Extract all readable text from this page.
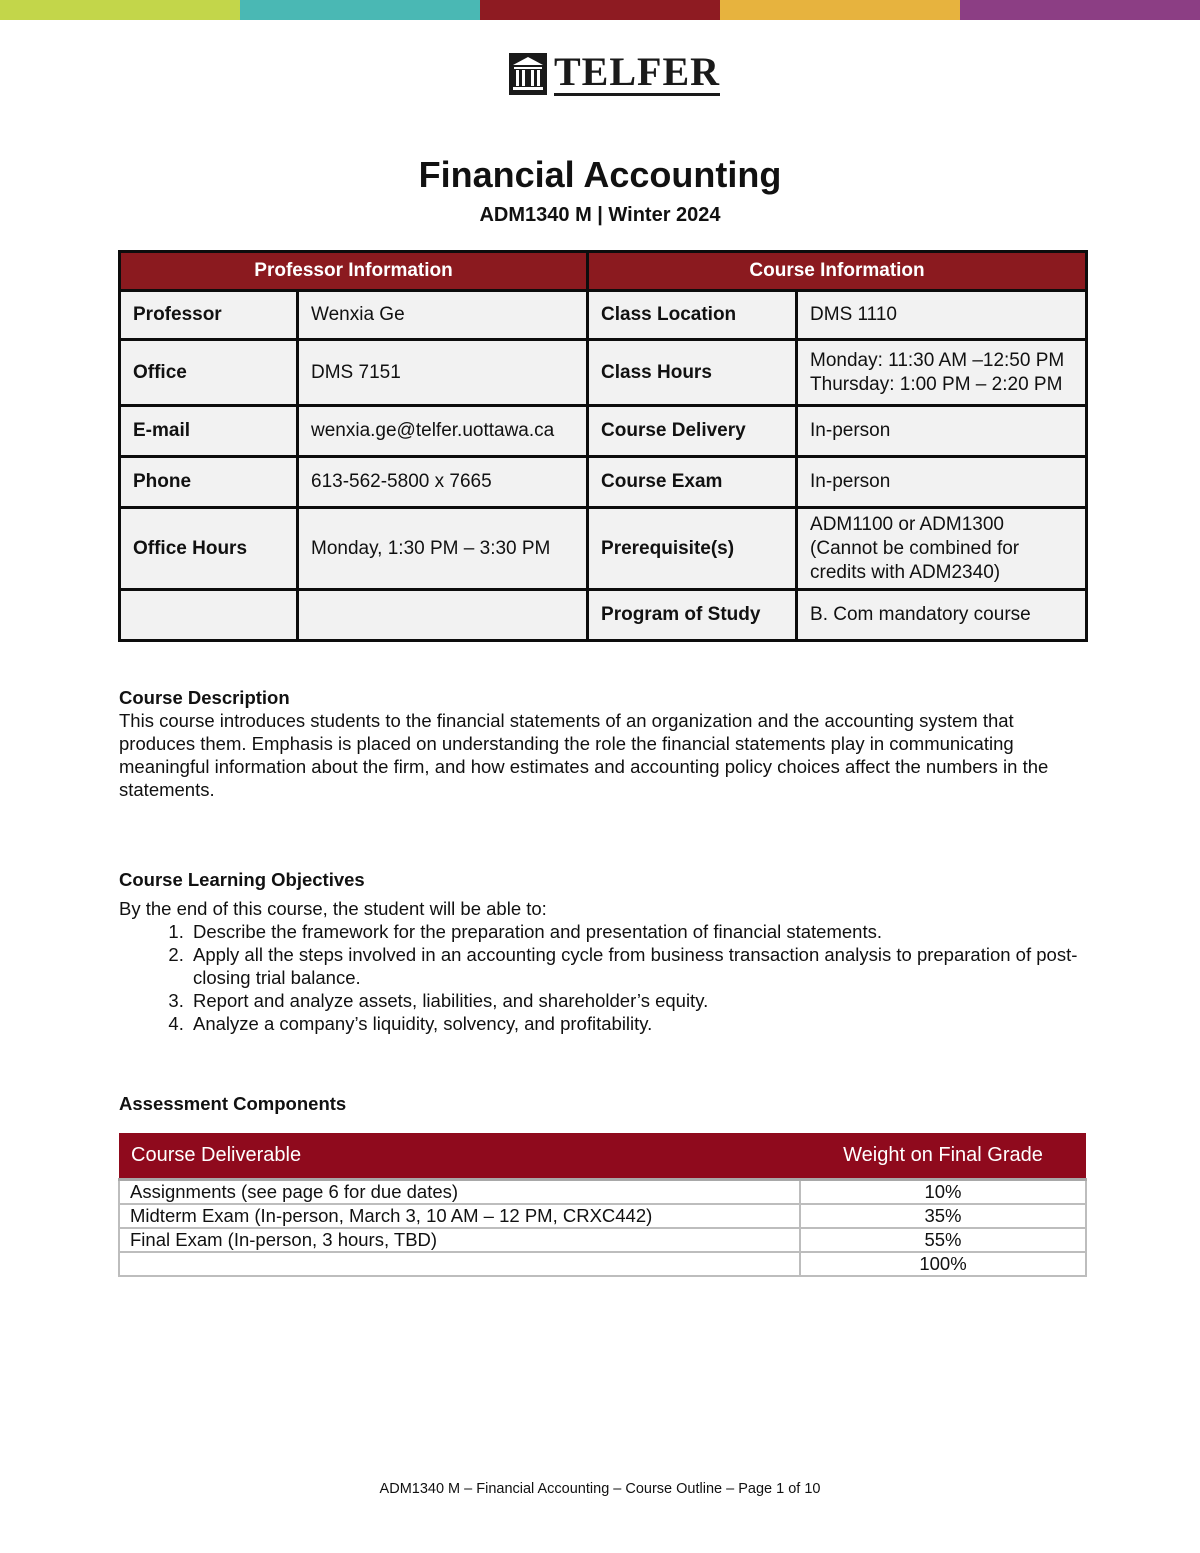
TELFER
Financial Accounting
ADM1340 M | Winter 2024
Professor Information		Course Information	
Professor	Wenxia Ge	Class Location	DMS 1110

Office	DMS 7151	Class Hours	Monday: 11:30 AM –12:50 PM
Thursday: 1:00 PM – 2:20 PM

E-mail	wenxia.ge@telfer.uottawa.ca	Course Delivery	In-person

Phone	613-562-5800 x 7665	Course Exam	In-person

Office Hours	Monday, 1:30 PM – 3:30 PM	Prerequisite(s)	ADM1100 or ADM1300
(Cannot be combined for
credits with ADM2340)

		Program of Study	B. Com mandatory course
Course Description

This course introduces students to the financial statements of an organization and the accounting system that produces them. Emphasis is placed on understanding the role the financial statements play in communicating meaningful information about the firm, and how estimates and accounting policy choices affect the numbers in the statements.

Course Learning Objectives

By the end of this course, the student will be able to:

1. Describe the framework for the preparation and presentation of financial statements.
2. Apply all the steps involved in an accounting cycle from business transaction analysis to preparation of post-closing trial balance.
3. Report and analyze assets, liabilities, and shareholder’s equity.
4. Analyze a company’s liquidity, solvency, and profitability.
Assessment Components
Course Deliverable	Weight on Final Grade
Assignments (see page 6 for due dates)	10%
Midterm Exam (In-person, March 3, 10 AM – 12 PM, CRXC442)	35%
Final Exam (In-person, 3 hours, TBD)	55%
	100%
ADM1340 M – Financial Accounting – Course Outline – Page 1 of 10
